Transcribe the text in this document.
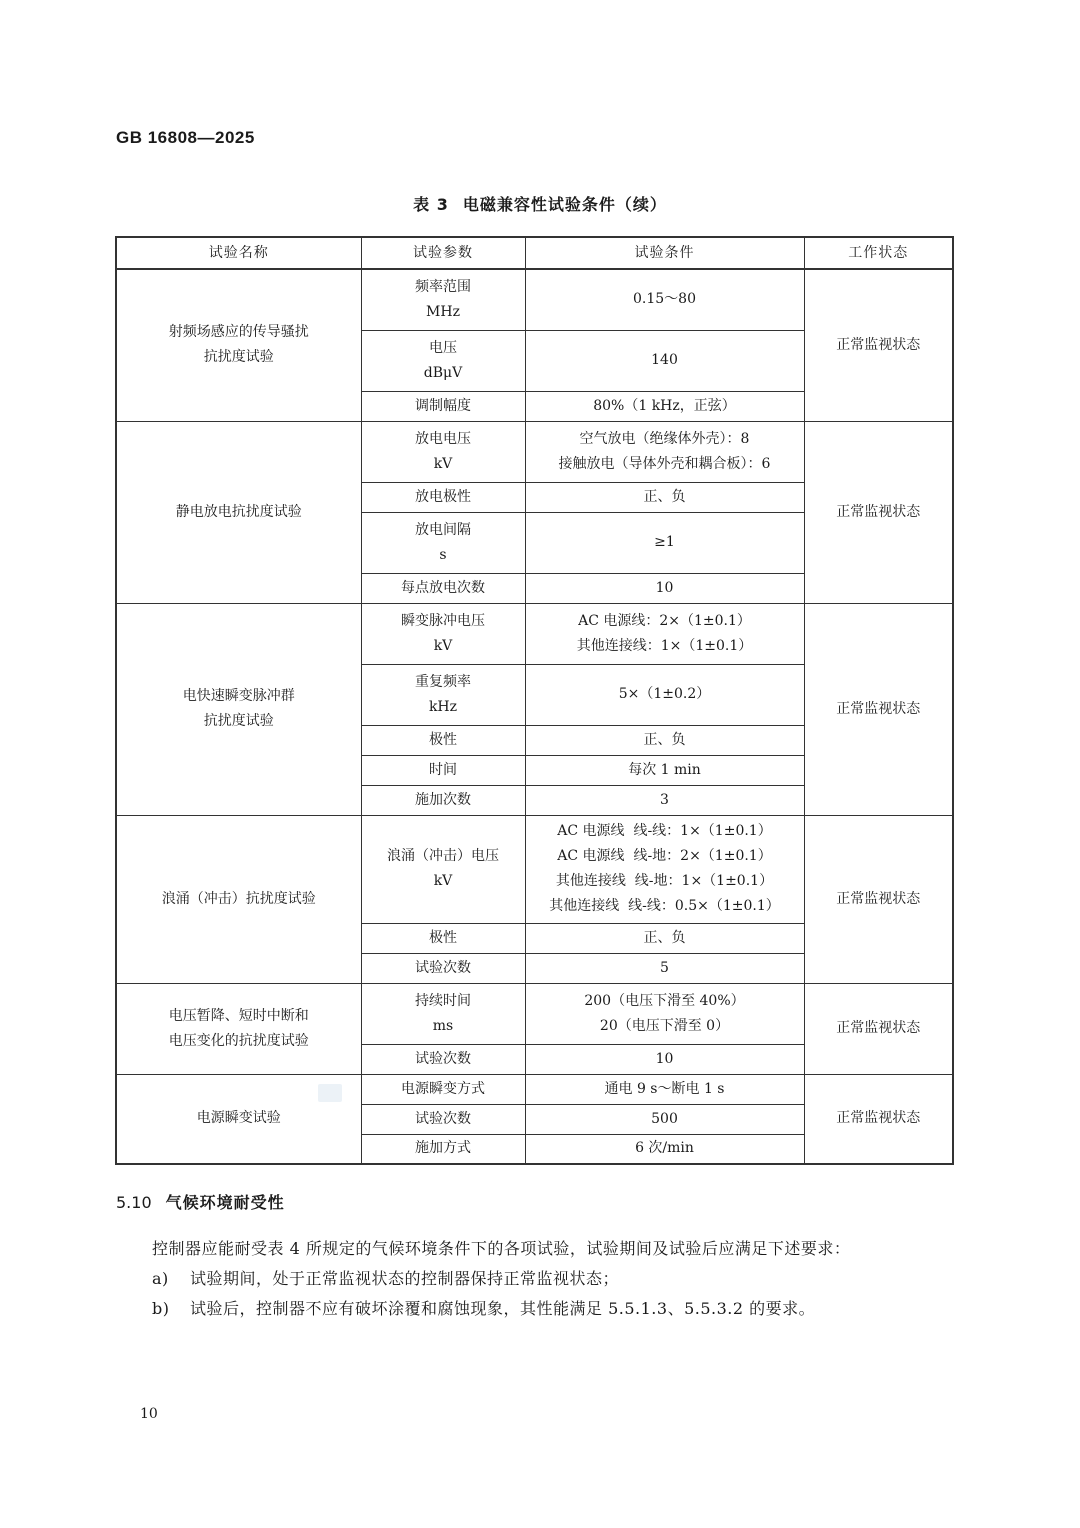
GB 16808—2025
表 3 电磁兼容性试验条件（续）
试验名称	试验参数	试验条件	工作状态

射频场感应的传导骚扰
抗扰度试验	频率范围
MHz	0.15～80	正常监视状态

	电压
dBμV	140	

	调制幅度	80%（1 kHz，正弦）	

静电放电抗扰度试验	放电电压
kV	空气放电（绝缘体外壳）：8
接触放电（导体外壳和耦合板）：6	正常监视状态

	放电极性	正、负	

	放电间隔
s	≥1	

	每点放电次数	10	

电快速瞬变脉冲群
抗扰度试验	瞬变脉冲电压
kV	AC 电源线：2×（1±0.1）
其他连接线：1×（1±0.1）	正常监视状态

	重复频率
kHz	5×（1±0.2）	

	极性	正、负	

	时间	每次 1 min	

	施加次数	3	

浪涌（冲击）抗扰度试验	浪涌（冲击）电压
kV	AC 电源线  线-线：1×（1±0.1）
AC 电源线  线-地：2×（1±0.1）
其他连接线  线-地：1×（1±0.1）
其他连接线  线-线：0.5×（1±0.1）	正常监视状态

	极性	正、负	

	试验次数	5	

电压暂降、短时中断和
电压变化的抗扰度试验	持续时间
ms	200（电压下滑至 40%）
20（电压下滑至 0）	正常监视状态

	试验次数	10	

电源瞬变试验	电源瞬变方式	通电 9 s～断电 1 s	正常监视状态

	试验次数	500	

	施加方式	6 次/min	
5.10 气候环境耐受性
控制器应能耐受表 4 所规定的气候环境条件下的各项试验，试验期间及试验后应满足下述要求：
a) 试验期间，处于正常监视状态的控制器保持正常监视状态；
b) 试验后，控制器不应有破坏涂覆和腐蚀现象，其性能满足 5.5.1.3、5.5.3.2 的要求。
10
